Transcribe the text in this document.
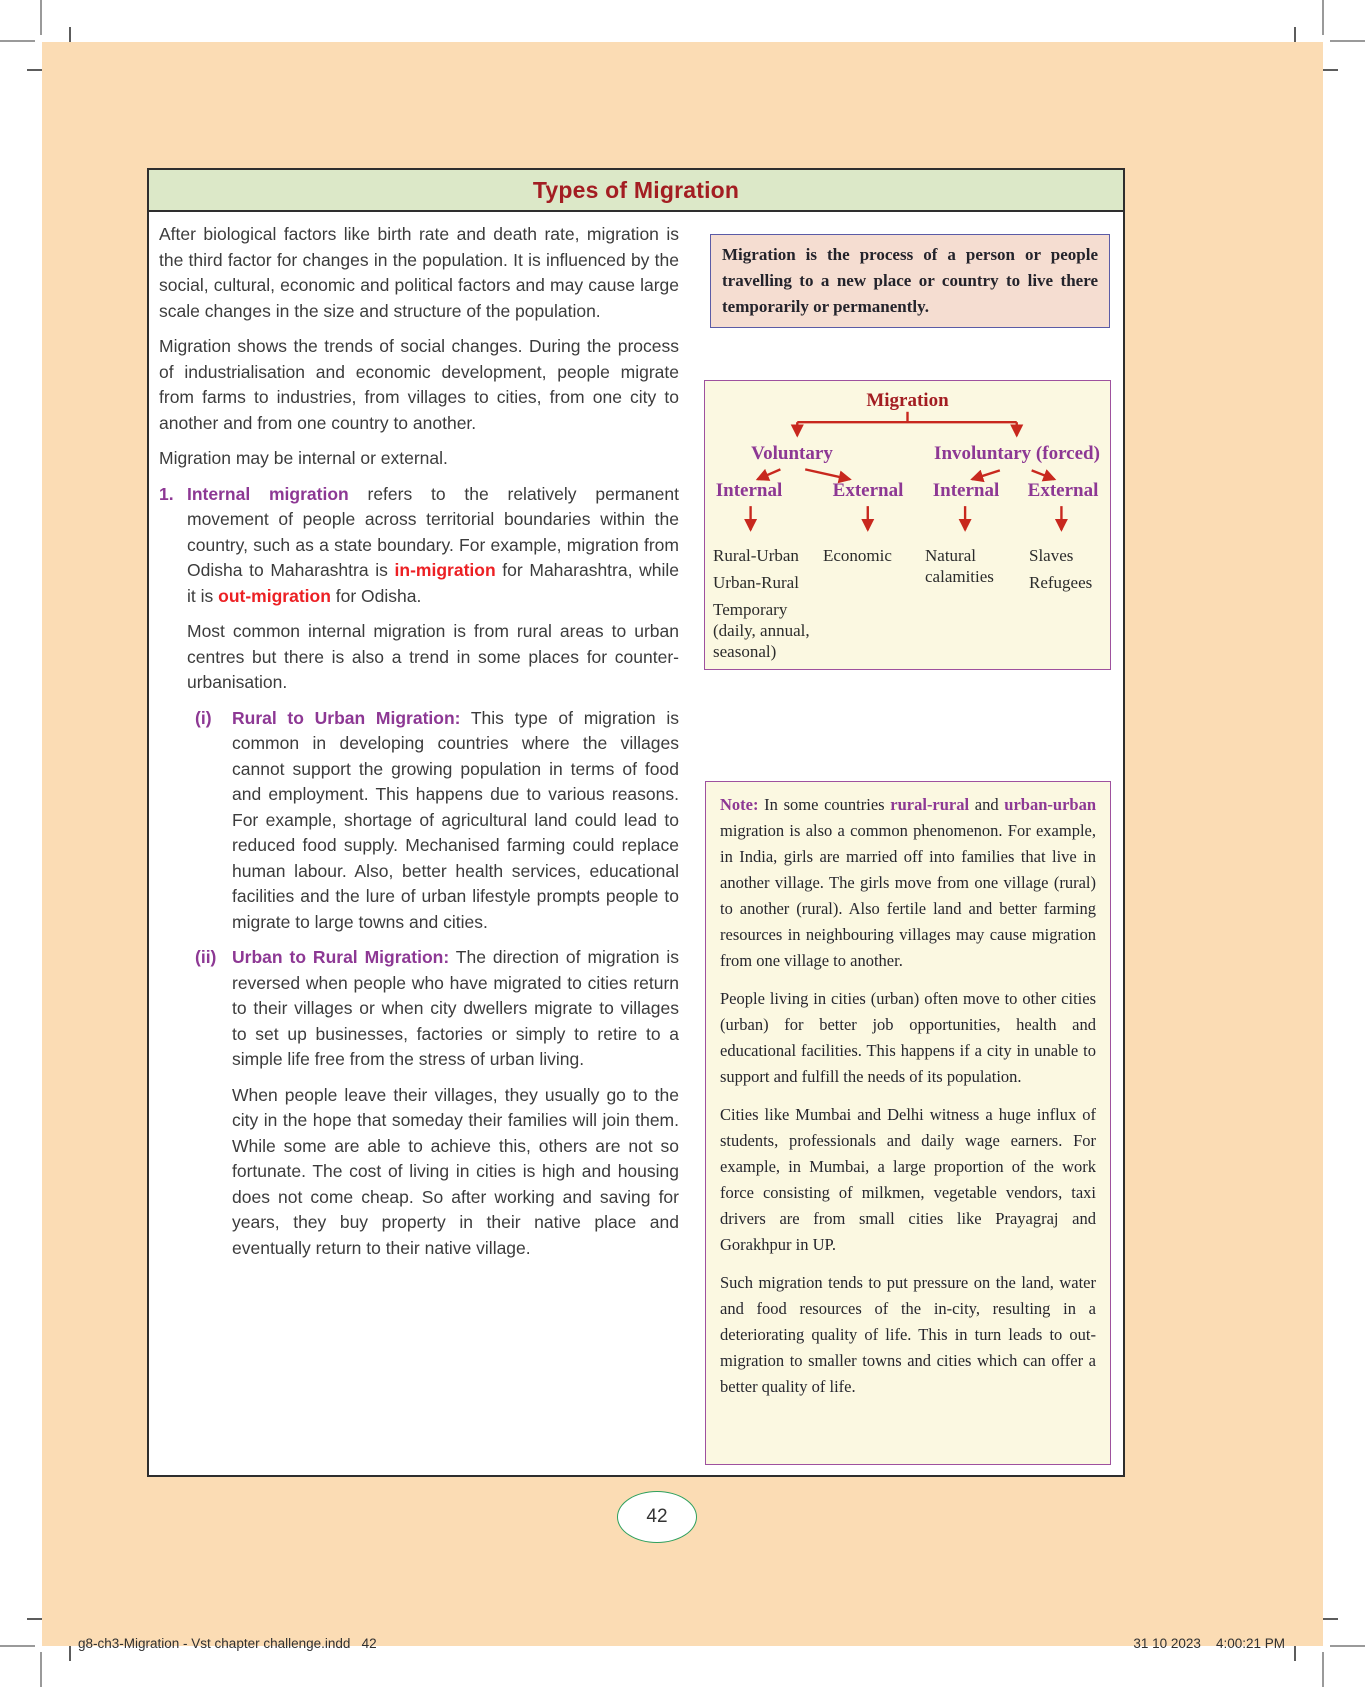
Types of Migration

After biological factors like birth rate and death rate, migration is the third factor for changes in the population. It is influenced by the social, cultural, economic and political factors and may cause large scale changes in the size and structure of the population.

Migration shows the trends of social changes. During the process of industrialisation and economic development, people migrate from farms to industries, from villages to cities, from one city to another and from one country to another.

Migration may be internal or external.

1. Internal migration refers to the relatively permanent movement of people across territorial boundaries within the country, such as a state boundary. For example, migration from Odisha to Maharashtra is in-migration for Maharashtra, while it is out-migration for Odisha.

Most common internal migration is from rural areas to urban centres but there is also a trend in some places for counter-urbanisation.

(i) Rural to Urban Migration: This type of migration is common in developing countries where the villages cannot support the growing population in terms of food and employment. This happens due to various reasons. For example, shortage of agricultural land could lead to reduced food supply. Mechanised farming could replace human labour. Also, better health services, educational facilities and the lure of urban lifestyle prompts people to migrate to large towns and cities.
(ii) Urban to Rural Migration: The direction of migration is reversed when people who have migrated to cities return to their villages or when city dwellers migrate to villages to set up businesses, factories or simply to retire to a simple life free from the stress of urban living.

When people leave their villages, they usually go to the city in the hope that someday their families will join them. While some are able to achieve this, others are not so fortunate. The cost of living in cities is high and housing does not come cheap. So after working and saving for years, they buy property in their native place and eventually return to their native village.

Migration is the process of a person or people travelling to a new place or country to live there temporarily or permanently.
Migration
Voluntary	Involuntary (forced)
Internal	External	Internal	External
Rural-Urban
Urban-Rural
Temporary (daily, annual, seasonal)
Economic	Natural calamities
Slaves
Refugees

Note: In some countries rural-rural and urban-urban migration is also a common phenomenon. For example, in India, girls are married off into families that live in another village. The girls move from one village (rural) to another (rural). Also fertile land and better farming resources in neighbouring villages may cause migration from one village to another.

People living in cities (urban) often move to other cities (urban) for better job opportunities, health and educational facilities. This happens if a city in unable to support and fulfill the needs of its population.

Cities like Mumbai and Delhi witness a huge influx of students, professionals and daily wage earners. For example, in Mumbai, a large proportion of the work force consisting of milkmen, vegetable vendors, taxi drivers are from small cities like Prayagraj and Gorakhpur in UP.

Such migration tends to put pressure on the land, water and food resources of the in-city, resulting in a deteriorating quality of life. This in turn leads to out-migration to smaller towns and cities which can offer a better quality of life.

42
g8-ch3-Migration - Vst chapter challenge.indd   42	31 10 2023    4:00:21 PM
